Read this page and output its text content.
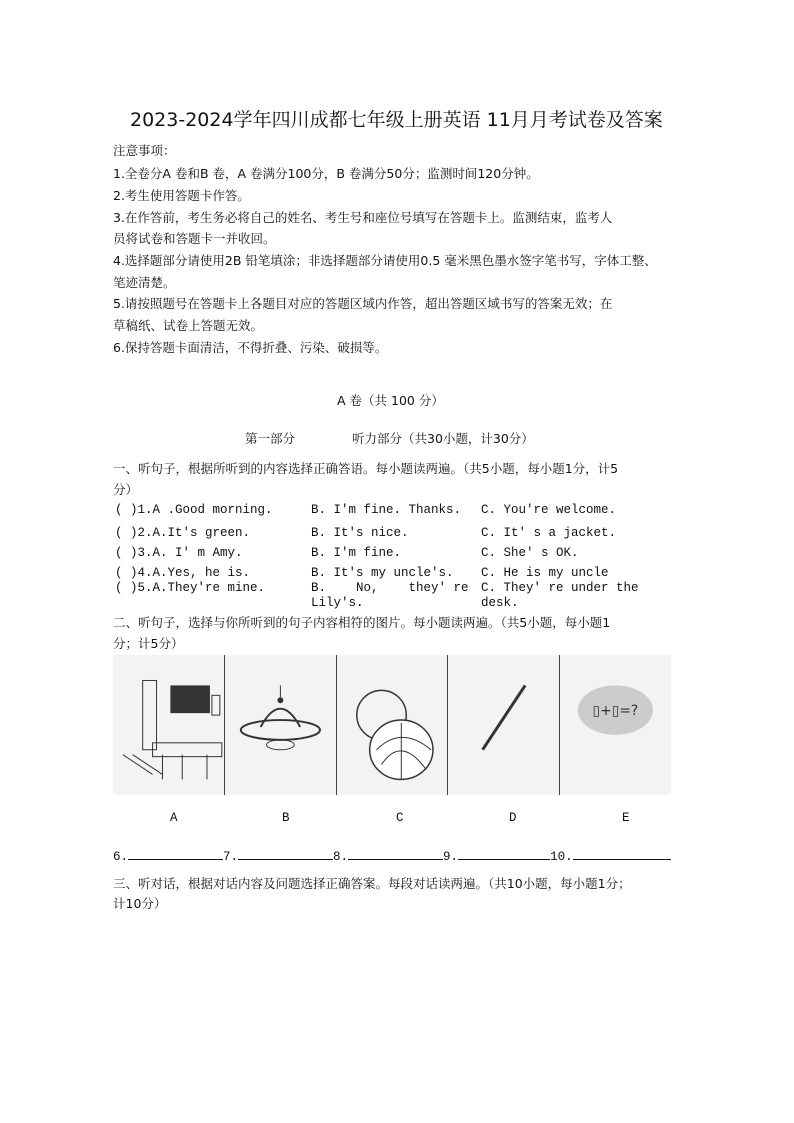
2023-2024学年四川成都七年级上册英语 11月月考试卷及答案
注意事项：
1.全卷分A 卷和B 卷，A 卷满分100分，B 卷满分50分；监测时间120分钟。
2.考生使用答题卡作答。
3.在作答前，考生务必将自己的姓名、考生号和座位号填写在答题卡上。监测结束，监考人
员将试卷和答题卡一并收回。
4.选择题部分请使用2B 铅笔填涂；非选择题部分请使用0.5 毫米黑色墨水签字笔书写，字体工整、
笔迹清楚。
5.请按照题号在答题卡上各题目对应的答题区域内作答，超出答题区域书写的答案无效；在
草稿纸、试卷上答题无效。
6.保持答题卡面清洁，不得折叠、污染、破损等。
A 卷（共 100 分）
第一部分	听力部分（共30小题，计30分）
一、听句子，根据所听到的内容选择正确答语。每小题读两遍。（共5小题，每小题1分，计5
分）
( )1.A .Good morning.	B. I'm fine. Thanks. C. You're welcome.
( )2.A.It's green.	B. It's nice.	C. It' s a jacket.
( )3.A. I' m Amy.	B. I'm fine.	C. She' s OK.
( )4.A.Yes, he is.	B. It's my uncle's. C. He is my uncle
( )5.A.They're mine.	B.    No,    they' re
Lily's.
C. They' re under the
desk.
二、听句子，选择与你所听到的句子内容相符的图片。每小题读两遍。（共5小题，每小题1
分；计5分）
▯+▯=?
A	B	C	D	E
6.	7.	8.	9.	10.
三、听对话，根据对话内容及问题选择正确答案。每段对话读两遍。（共10小题，每小题1分；
计10分）
